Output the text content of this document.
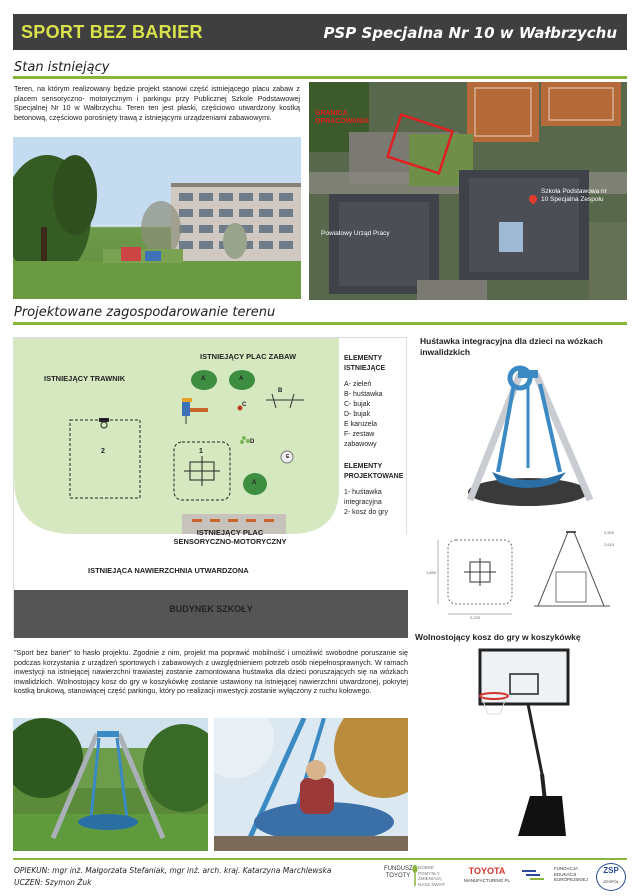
SPORT BEZ BARIER	PSP Specjalna Nr 10 w Wałbrzychu
Stan istniejący
Teren, na którym realizowany będzie projekt stanowi część istniejącego placu zabaw z placem sensoryczno- motorycznym i parkingu przy Publicznej Szkole Podstawowej Specjalnej Nr 10 w Wałbrzychu. Teren ten jest płaski, częściowo utwardzony kostką betonową, częściowo porośnięty trawą z istniejącymi urządzeniami zabawowymi.	GRANICA
OPRACOWANIA
Szkoła Podstawowa nr
10 Specjalna Zespołu
Powiatowy Urząd Pracy
Projektowane zagospodarowanie terenu
ISTNIEJĄCY PLAC ZABAW
ISTNIEJĄCY TRAWNIK
ISTNIEJĄCY PLAC
SENSORYCZNO-MOTORYCZNY
ISTNIEJĄCA NAWIERZCHNIA UTWARDZONA
BUDYNEK SZKOŁY
A	A
A
B
C
D
E
1
2
ELEMENTY
ISTNIEJĄCE
A- zieleń
B- huśtawka
C- bujak
D- bujak
E karuzela
F- zestaw
zabawowy
ELEMENTY
PROJEKTOWANE
1- huśtawka
integracyjna
2- kosz do gry
Huśtawka integracyjna dla dzieci na wózkach
inwalidzkich
2,500
2,615
1,855
2,220
Wolnostojący kosz do gry w koszykówkę
"Sport bez barier" to hasło projektu. Zgodnie z nim, projekt ma poprawić mobilność i umożliwić swobodne poruszanie się podczas korzystania z urządzeń sportowych i zabawowych z uwzględnieniem potrzeb osób niepełnosprawnych. W ramach inwestycji na istniejącej nawierzchni trawiastej zostanie zamontowana huśtawka dla dzieci poruszających się na wózkach inwalidzkich. Wolnostojący kosz do gry w koszykówkę zostanie ustawiony na istniejącej nawierzchni utwardzonej, pokrytej kostką brukową, stanowiącej część parkingu, który po realizacji inwestycji zostanie wyłączony z ruchu kołowego.
OPIEKUN: mgr inż. Małgorzata Stefaniak, mgr inż. arch. kraj. Katarzyna Marchlewska
UCZEŃ: Szymon Żuk
FUNDUSZ
TOYOTY
DOBRE POMYSŁY
ZMIENIAJĄ
NASZ ŚWIAT
TOYOTA
MANUFACTURING PL
FUNDACJA
EDUKACJI
EUROPEJSKIEJ
ZSP
ZESPÓŁ
